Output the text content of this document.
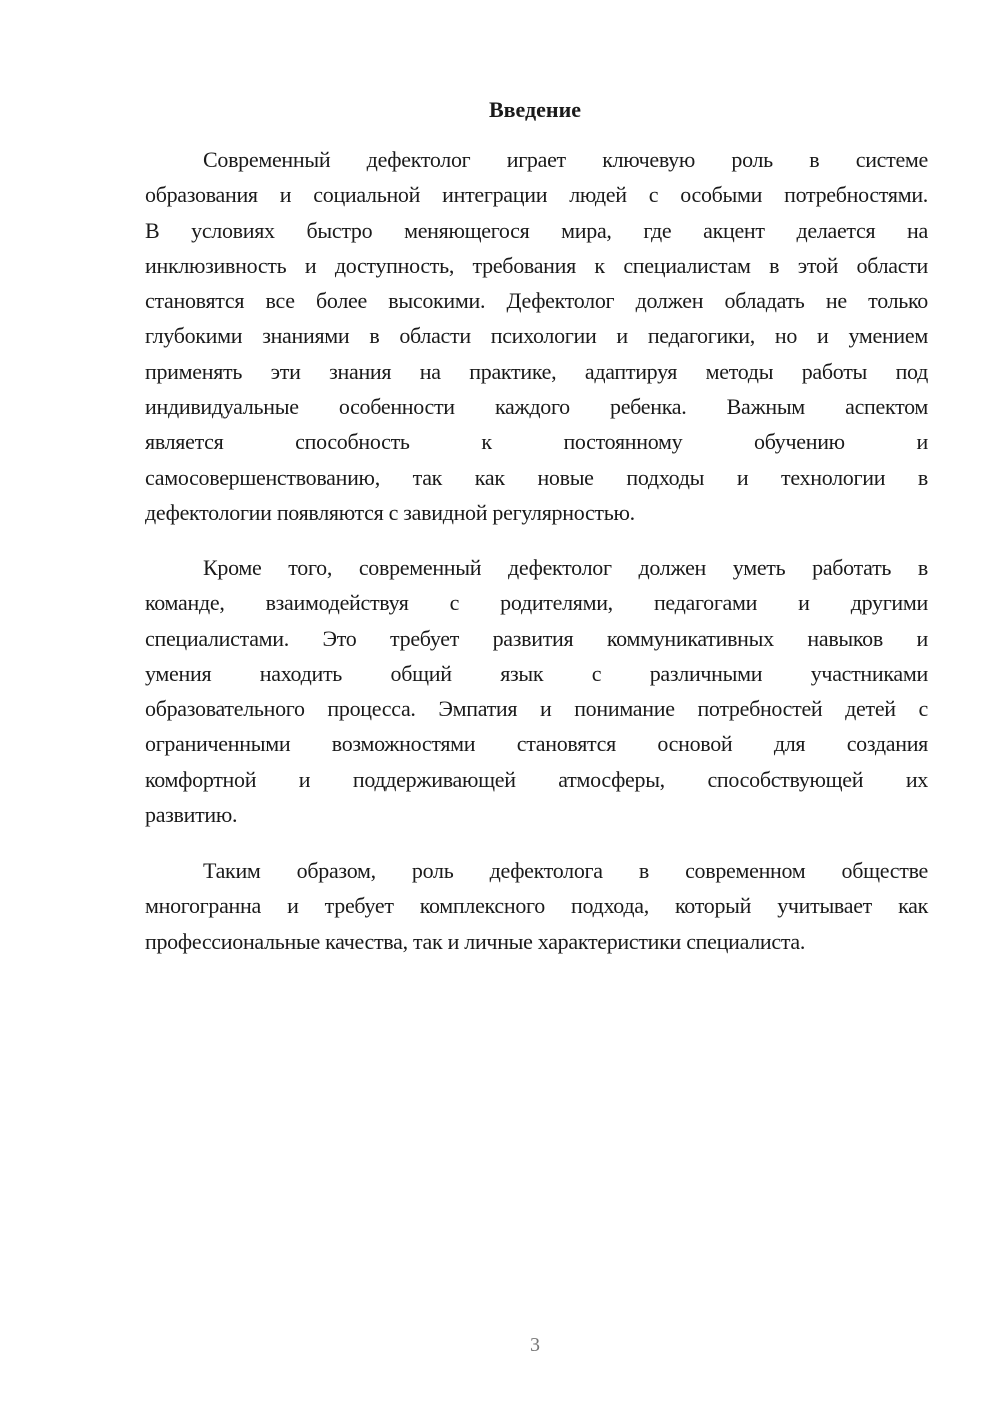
Введение
Современный дефектолог играет ключевую роль в системе
образования и социальной интеграции людей с особыми потребностями.
В условиях быстро меняющегося мира, где акцент делается на
инклюзивность и доступность, требования к специалистам в этой области
становятся все более высокими. Дефектолог должен обладать не только
глубокими знаниями в области психологии и педагогики, но и умением
применять эти знания на практике, адаптируя методы работы под
индивидуальные особенности каждого ребенка. Важным аспектом
является способность к постоянному обучению и
самосовершенствованию, так как новые подходы и технологии в
дефектологии появляются с завидной регулярностью.
Кроме того, современный дефектолог должен уметь работать в
команде, взаимодействуя с родителями, педагогами и другими
специалистами. Это требует развития коммуникативных навыков и
умения находить общий язык с различными участниками
образовательного процесса. Эмпатия и понимание потребностей детей с
ограниченными возможностями становятся основой для создания
комфортной и поддерживающей атмосферы, способствующей их
развитию.
Таким образом, роль дефектолога в современном обществе
многогранна и требует комплексного подхода, который учитывает как
профессиональные качества, так и личные характеристики специалиста.
3
